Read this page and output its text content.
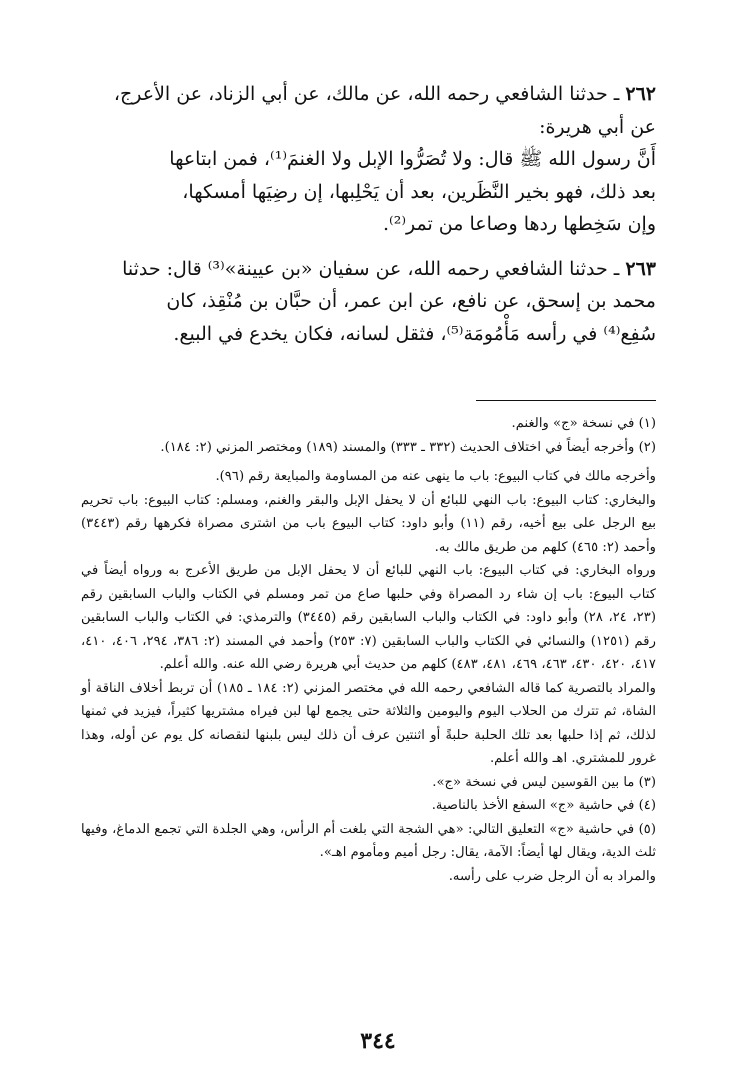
٢٦٢ ـ حدثنا الشافعي رحمه الله، عن مالك، عن أبي الزناد، عن الأعرج،

عن أبي هريرة:

أَنَّ رسول الله ﷺ قال: ولا تُصَرُّوا الإبل ولا الغنمَ⁽¹⁾، فمن ابتاعها

بعد ذلك، فهو بخير النَّظَرين، بعد أن يَحْلِبها، إن رضِيَها أمسكها،

وإن سَخِطها ردها وصاعا من تمر⁽²⁾.

٢٦٣ ـ حدثنا الشافعي رحمه الله، عن سفيان «بن عيينة»⁽³⁾ قال: حدثنا

محمد بن إسحق، عن نافع، عن ابن عمر، أن حبَّان بن مُنْقِذ، كان

سُفِع⁽⁴⁾ في رأسه مَأْمُومَة⁽⁵⁾، فثقل لسانه، فكان يخدع في البيع.

(١) في نسخة «ج» والغنم.

(٢) وأخرجه أيضاً في اختلاف الحديث (٣٣٢ ـ ٣٣٣) والمسند (١٨٩) ومختصر المزني (٢: ١٨٤).

وأخرجه مالك في كتاب البيوع: باب ما ينهى عنه من المساومة والمبايعة رقم (٩٦).

والبخاري: كتاب البيوع: باب النهي للبائع أن لا يحفل الإبل والبقر والغنم، ومسلم: كتاب البيوع: باب تحريم بيع الرجل على بيع أخيه، رقم (١١) وأبو داود: كتاب البيوع باب من اشترى مصراة فكرهها رقم (٣٤٤٣) وأحمد (٢: ٤٦٥) كلهم من طريق مالك به.

ورواه البخاري: في كتاب البيوع: باب النهي للبائع أن لا يحفل الإبل من طريق الأعرج به ورواه أيضاً في كتاب البيوع: باب إن شاء رد المصراة وفي حلبها صاع من تمر ومسلم في الكتاب والباب السابقين رقم (٢٣، ٢٤، ٢٨) وأبو داود: في الكتاب والباب السابقين رقم (٣٤٤٥) والترمذي: في الكتاب والباب السابقين رقم (١٢٥١) والنسائي في الكتاب والباب السابقين (٧: ٢٥٣) وأحمد في المسند (٢: ٣٨٦، ٢٩٤، ٤٠٦، ٤١٠، ٤١٧، ٤٢٠، ٤٣٠، ٤٦٣، ٤٦٩، ٤٨١، ٤٨٣) كلهم من حديث أبي هريرة رضي الله عنه. والله أعلم.

والمراد بالتصرية كما قاله الشافعي رحمه الله في مختصر المزني (٢: ١٨٤ ـ ١٨٥) أن تربط أخلاف الناقة أو الشاة، ثم تترك من الحلاب اليوم واليومين والثلاثة حتى يجمع لها لبن فيراه مشتريها كثيراً، فيزيد في ثمنها لذلك، ثم إذا حلبها بعد تلك الحلبة حلبةً أو اثنتين عرف أن ذلك ليس بلبنها لنقصانه كل يوم عن أوله، وهذا غرور للمشتري. اهـ والله أعلم.

(٣) ما بين القوسين ليس في نسخة «ج».

(٤) في حاشية «ج» السفع الأخذ بالناصية.

(٥) في حاشية «ج» التعليق التالي: «هي الشجة التي بلغت أم الرأس، وهي الجلدة التي تجمع الدماغ، وفيها ثلث الدية، ويقال لها أيضاً: الآمة، يقال: رجل أميم ومأموم اهـ».

والمراد به أن الرجل ضرب على رأسه.

٣٤٤
